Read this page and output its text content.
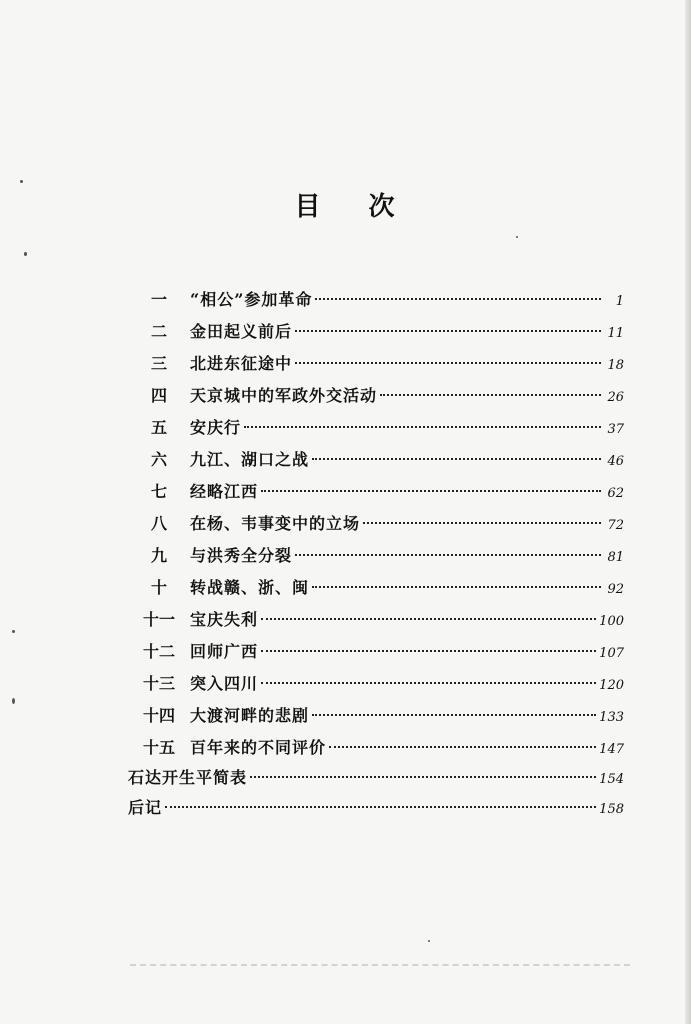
目 次
一	“相公”参加革命	1
二	金田起义前后	11
三	北进东征途中	18
四	天京城中的军政外交活动	26
五	安庆行	37
六	九江、湖口之战	46
七	经略江西	62
八	在杨、韦事变中的立场	72
九	与洪秀全分裂	81
十	转战赣、浙、闽	92
十一 宝庆失利	100
十二 回师广西	107
十三 突入四川	120
十四 大渡河畔的悲剧	133
十五 百年来的不同评价	147
石达开生平简表	154
后记	158
